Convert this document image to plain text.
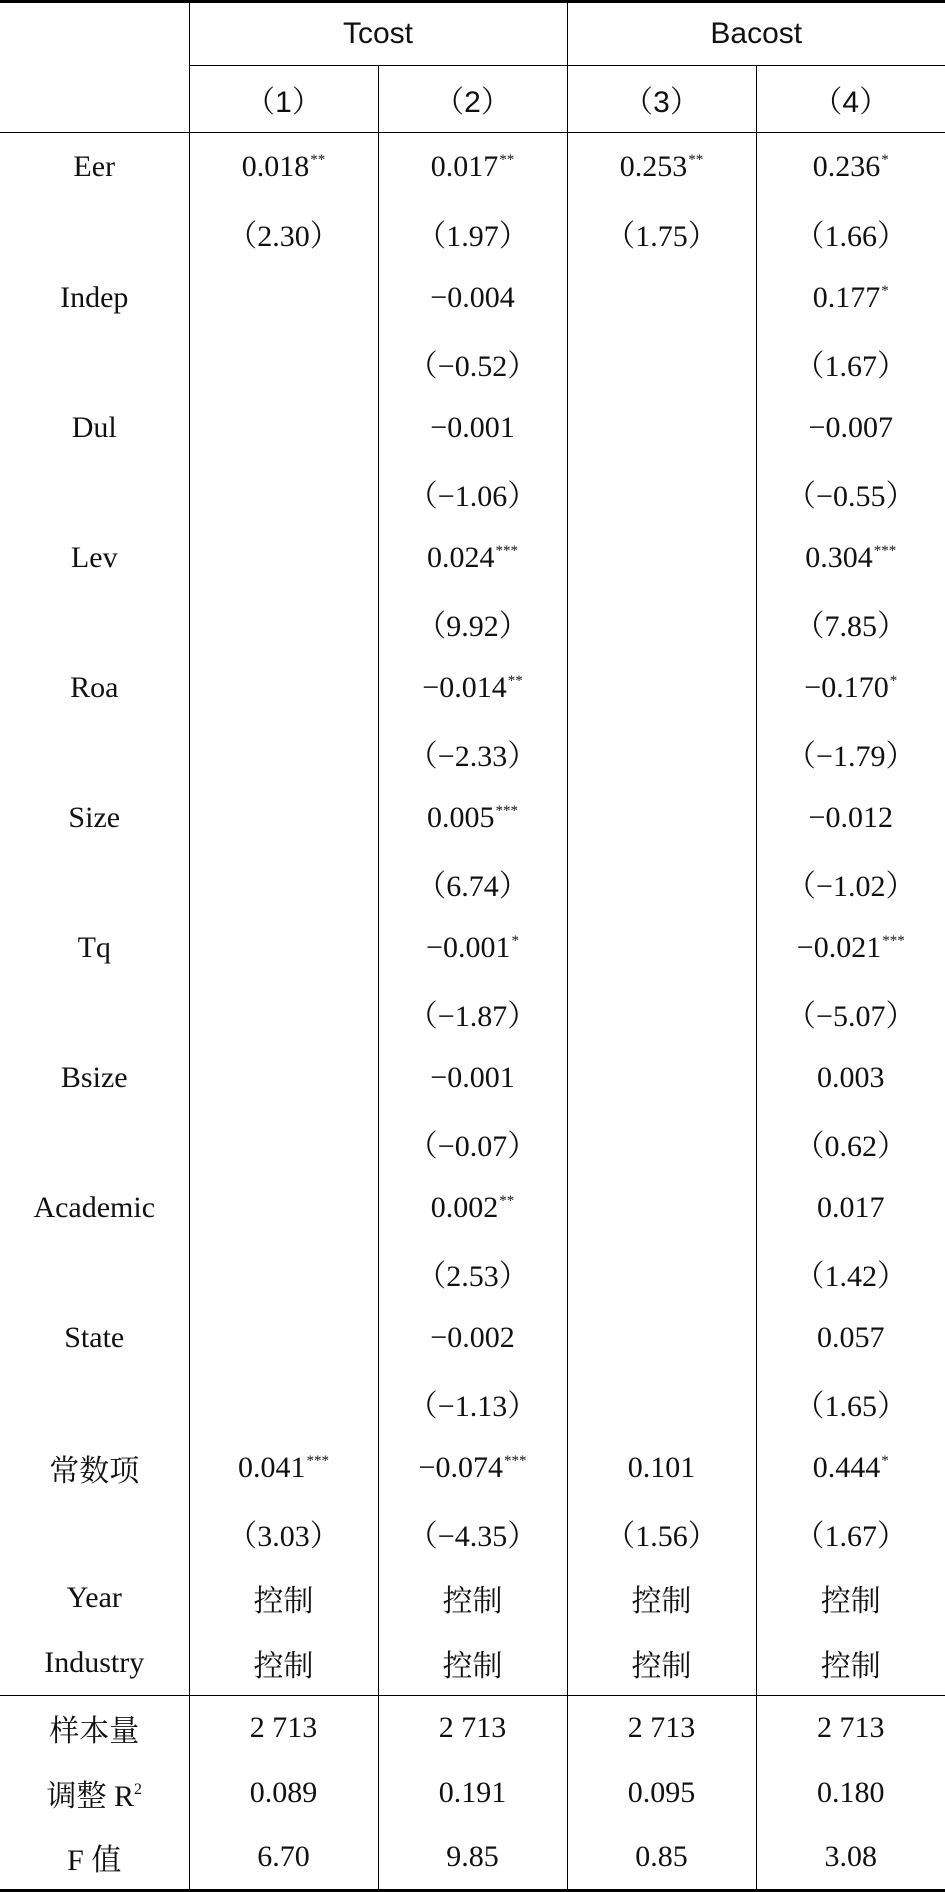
	Tcost		Bacost	
	（1）	（2）	（3）	（4）
Eer	0.018**	0.017**	0.253**	0.236*
	（2.30）	（1.97）	（1.75）	（1.66）
Indep		−0.004		0.177*
		（−0.52）		（1.67）
Dul		−0.001		−0.007
		（−1.06）		（−0.55）
Lev		0.024***		0.304***
		（9.92）		（7.85）
Roa		−0.014**		−0.170*
		（−2.33）		（−1.79）
Size		0.005***		−0.012
		（6.74）		（−1.02）
Tq		−0.001*		−0.021***
		（−1.87）		（−5.07）
Bsize		−0.001		0.003
		（−0.07）		（0.62）
Academic		0.002**		0.017
		（2.53）		（1.42）
State		−0.002		0.057
		（−1.13）		（1.65）
常数项	0.041***	−0.074***	0.101	0.444*
	（3.03）	（−4.35）	（1.56）	（1.67）
Year	控制	控制	控制	控制
Industry	控制	控制	控制	控制
样本量	2 713	2 713	2 713	2 713
调整 $R^2$	0.089	0.191	0.095	0.180
F 值	6.70	9.85	0.85	3.08
